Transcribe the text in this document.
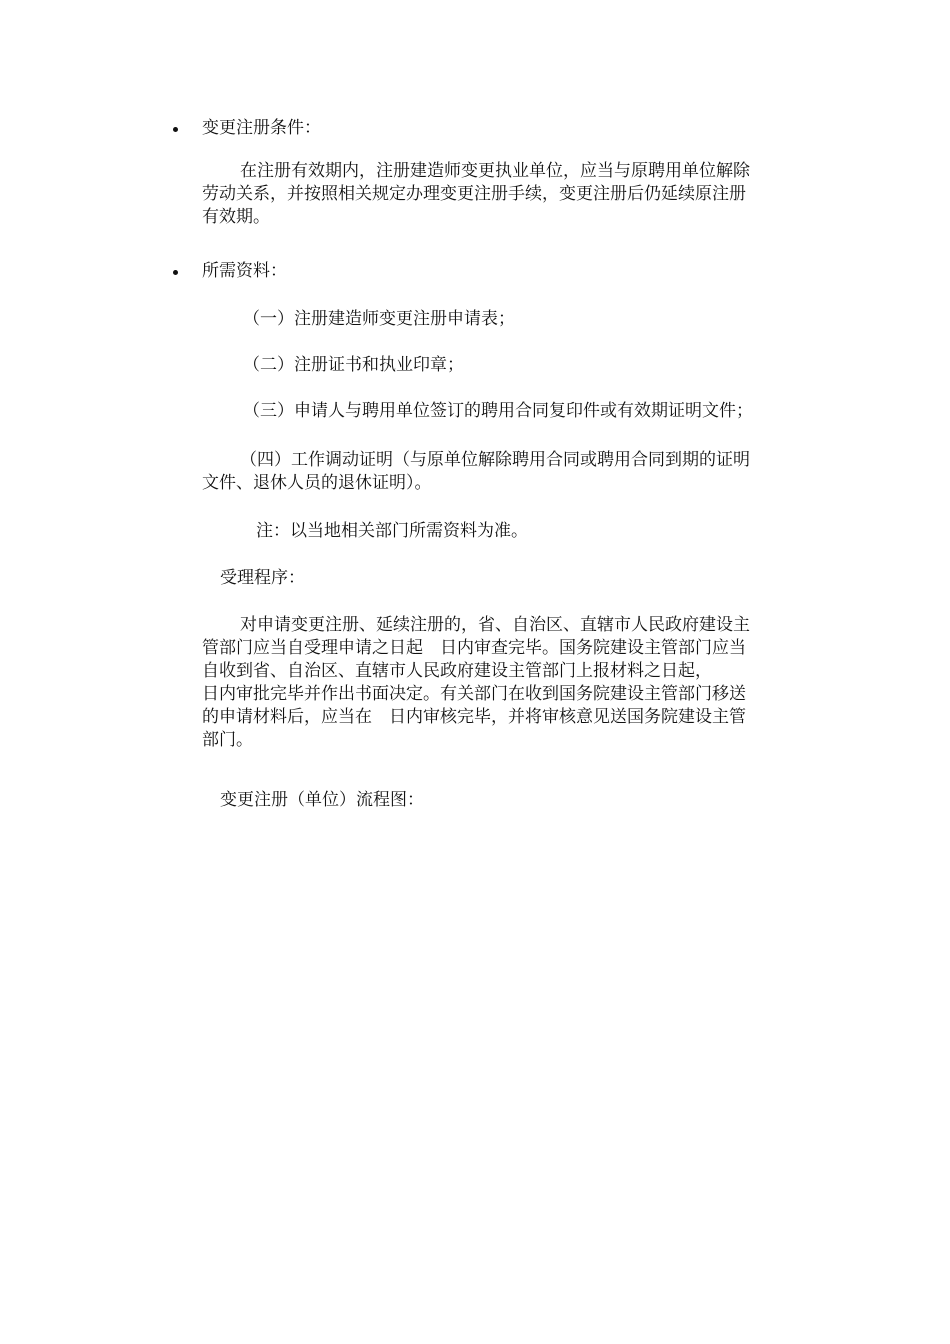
变更注册条件：
在注册有效期内，注册建造师变更执业单位，应当与原聘用单位解除
劳动关系，并按照相关规定办理变更注册手续，变更注册后仍延续原注册
有效期。
所需资料：
（一）注册建造师变更注册申请表；
（二）注册证书和执业印章；
（三）申请人与聘用单位签订的聘用合同复印件或有效期证明文件；
（四）工作调动证明（与原单位解除聘用合同或聘用合同到期的证明
文件、退休人员的退休证明）。
注：以当地相关部门所需资料为准。
受理程序：
对申请变更注册、延续注册的，省、自治区、直辖市人民政府建设主
管部门应当自受理申请之日起　日内审查完毕。国务院建设主管部门应当
自收到省、自治区、直辖市人民政府建设主管部门上报材料之日起，
日内审批完毕并作出书面决定。有关部门在收到国务院建设主管部门移送
的申请材料后，应当在　日内审核完毕，并将审核意见送国务院建设主管
部门。
变更注册（单位）流程图：
